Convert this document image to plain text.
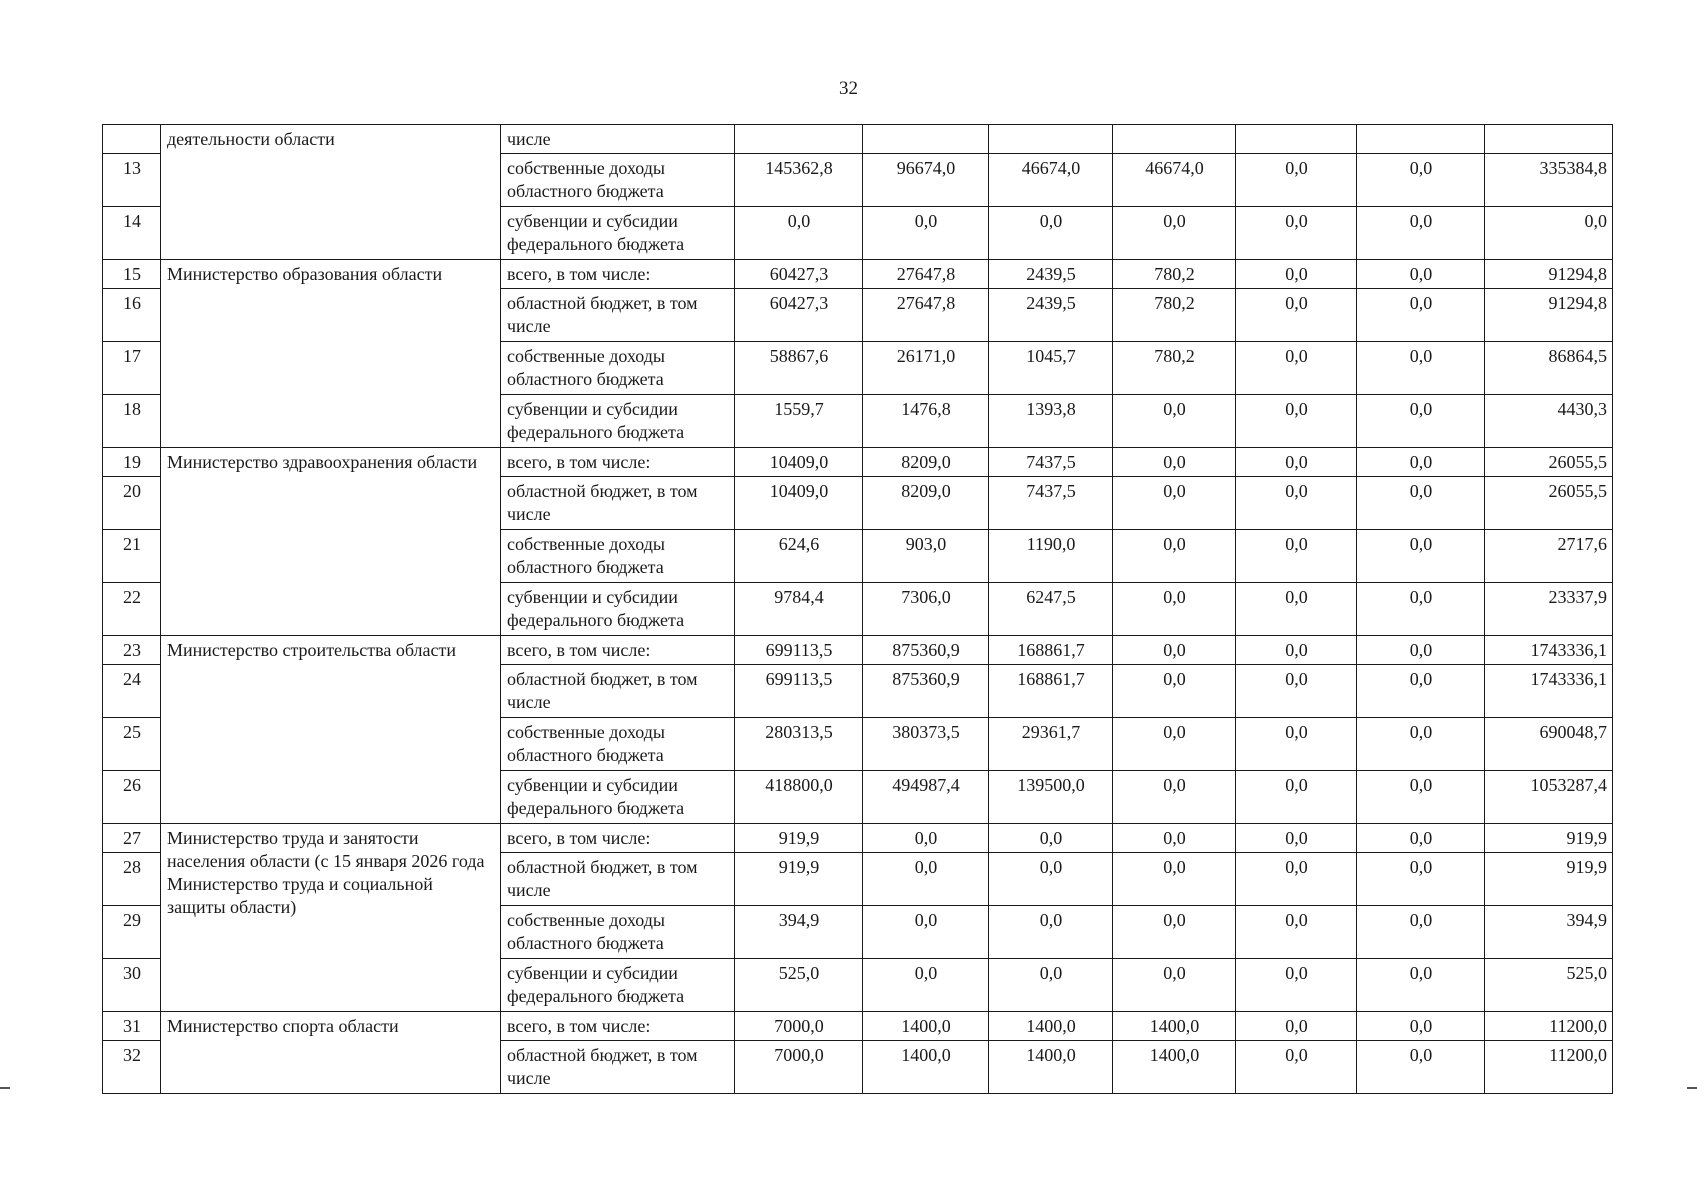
32
	деятельности области	числе							
13		собственные доходы областного бюджета	145362,8	96674,0	46674,0	46674,0	0,0	0,0	335384,8
14		субвенции и субсидии федерального бюджета	0,0	0,0	0,0	0,0	0,0	0,0	0,0
15	Министерство образования области	всего, в том числе:	60427,3	27647,8	2439,5	780,2	0,0	0,0	91294,8
16		областной бюджет, в том числе	60427,3	27647,8	2439,5	780,2	0,0	0,0	91294,8
17		собственные доходы областного бюджета	58867,6	26171,0	1045,7	780,2	0,0	0,0	86864,5
18		субвенции и субсидии федерального бюджета	1559,7	1476,8	1393,8	0,0	0,0	0,0	4430,3
19	Министерство здравоохранения области	всего, в том числе:	10409,0	8209,0	7437,5	0,0	0,0	0,0	26055,5
20		областной бюджет, в том числе	10409,0	8209,0	7437,5	0,0	0,0	0,0	26055,5
21		собственные доходы областного бюджета	624,6	903,0	1190,0	0,0	0,0	0,0	2717,6
22		субвенции и субсидии федерального бюджета	9784,4	7306,0	6247,5	0,0	0,0	0,0	23337,9
23	Министерство строительства области	всего, в том числе:	699113,5	875360,9	168861,7	0,0	0,0	0,0	1743336,1
24		областной бюджет, в том числе	699113,5	875360,9	168861,7	0,0	0,0	0,0	1743336,1
25		собственные доходы областного бюджета	280313,5	380373,5	29361,7	0,0	0,0	0,0	690048,7
26		субвенции и субсидии федерального бюджета	418800,0	494987,4	139500,0	0,0	0,0	0,0	1053287,4
27	Министерство труда и занятости населения области (с 15 января 2026 года Министерство труда и социальной защиты области)	всего, в том числе:	919,9	0,0	0,0	0,0	0,0	0,0	919,9
28		областной бюджет, в том числе	919,9	0,0	0,0	0,0	0,0	0,0	919,9
29		собственные доходы областного бюджета	394,9	0,0	0,0	0,0	0,0	0,0	394,9
30		субвенции и субсидии федерального бюджета	525,0	0,0	0,0	0,0	0,0	0,0	525,0
31	Министерство спорта области	всего, в том числе:	7000,0	1400,0	1400,0	1400,0	0,0	0,0	11200,0
32		областной бюджет, в том числе	7000,0	1400,0	1400,0	1400,0	0,0	0,0	11200,0
